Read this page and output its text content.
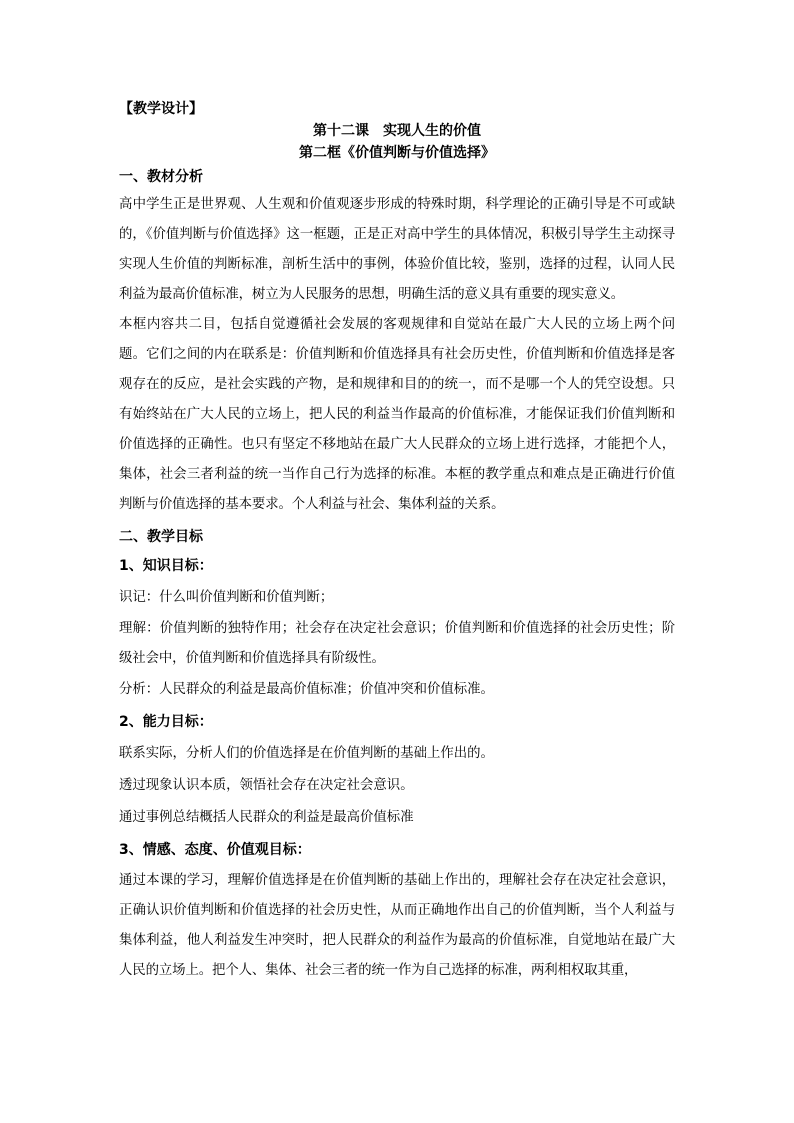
【教学设计】

第十二课　实现人生的价值

第二框《价值判断与价值选择》

一、教材分析

高中学生正是世界观、人生观和价值观逐步形成的特殊时期，科学理论的正确引导是不可或缺的，《价值判断与价值选择》这一框题，正是正对高中学生的具体情况，积极引导学生主动探寻实现人生价值的判断标准，剖析生活中的事例，体验价值比较，鉴别，选择的过程，认同人民利益为最高价值标准，树立为人民服务的思想，明确生活的意义具有重要的现实意义。

本框内容共二目，包括自觉遵循社会发展的客观规律和自觉站在最广大人民的立场上两个问题。它们之间的内在联系是：价值判断和价值选择具有社会历史性，价值判断和价值选择是客观存在的反应，是社会实践的产物，是和规律和目的的统一，而不是哪一个人的凭空设想。只有始终站在广大人民的立场上，把人民的利益当作最高的价值标准，才能保证我们价值判断和价值选择的正确性。也只有坚定不移地站在最广大人民群众的立场上进行选择，才能把个人，集体，社会三者利益的统一当作自己行为选择的标准。本框的教学重点和难点是正确进行价值判断与价值选择的基本要求。个人利益与社会、集体利益的关系。

二、教学目标

1、知识目标：

识记：什么叫价值判断和价值判断；

理解：价值判断的独特作用；社会存在决定社会意识；价值判断和价值选择的社会历史性；阶级社会中，价值判断和价值选择具有阶级性。

分析：人民群众的利益是最高价值标准；价值冲突和价值标准。

2、能力目标：

联系实际，分析人们的价值选择是在价值判断的基础上作出的。

透过现象认识本质，领悟社会存在决定社会意识。

通过事例总结概括人民群众的利益是最高价值标准

3、情感、态度、价值观目标：

通过本课的学习，理解价值选择是在价值判断的基础上作出的，理解社会存在决定社会意识，正确认识价值判断和价值选择的社会历史性，从而正确地作出自己的价值判断，当个人利益与集体利益，他人利益发生冲突时，把人民群众的利益作为最高的价值标准，自觉地站在最广大人民的立场上。把个人、集体、社会三者的统一作为自己选择的标准，两利相权取其重，
